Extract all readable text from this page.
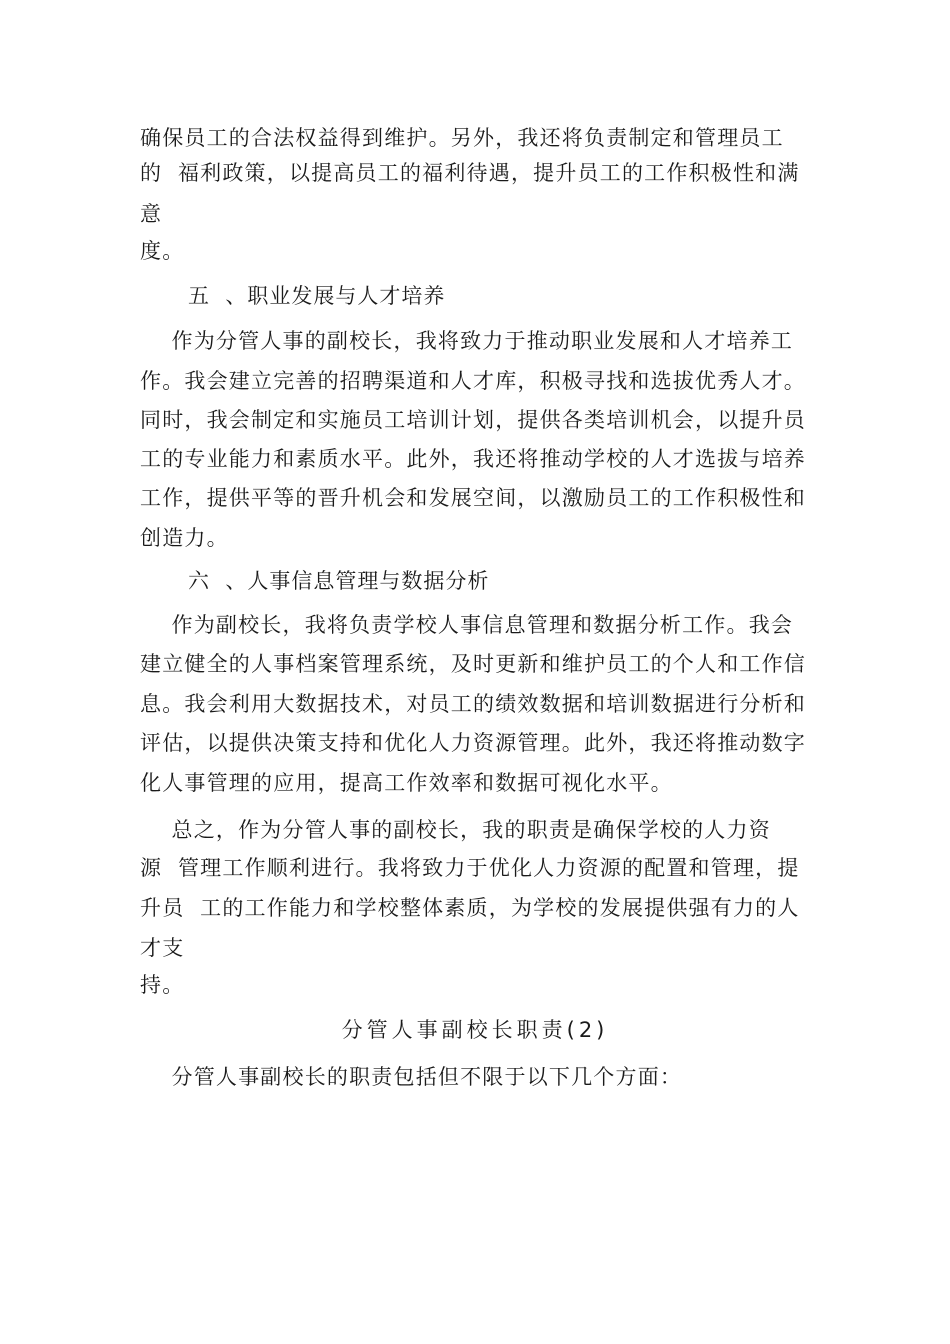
确保员工的合法权益得到维护。另外，我还将负责制定和管理员工
的  福利政策，以提高员工的福利待遇，提升员工的工作积极性和满
意
度。
五  、职业发展与人才培养
作为分管人事的副校长，我将致力于推动职业发展和人才培养工
作。我会建立完善的招聘渠道和人才库，积极寻找和选拔优秀人才。
同时，我会制定和实施员工培训计划，提供各类培训机会，以提升员
工的专业能力和素质水平。此外，我还将推动学校的人才选拔与培养
工作，提供平等的晋升机会和发展空间，以激励员工的工作积极性和
创造力。
六  、人事信息管理与数据分析
作为副校长，我将负责学校人事信息管理和数据分析工作。我会
建立健全的人事档案管理系统，及时更新和维护员工的个人和工作信
息。我会利用大数据技术，对员工的绩效数据和培训数据进行分析和
评估，以提供决策支持和优化人力资源管理。此外，我还将推动数字
化人事管理的应用，提高工作效率和数据可视化水平。
总之，作为分管人事的副校长，我的职责是确保学校的人力资
源  管理工作顺利进行。我将致力于优化人力资源的配置和管理，提
升员  工的工作能力和学校整体素质，为学校的发展提供强有力的人
才支
持。
分管人事副校长职责(2)
分管人事副校长的职责包括但不限于以下几个方面：
